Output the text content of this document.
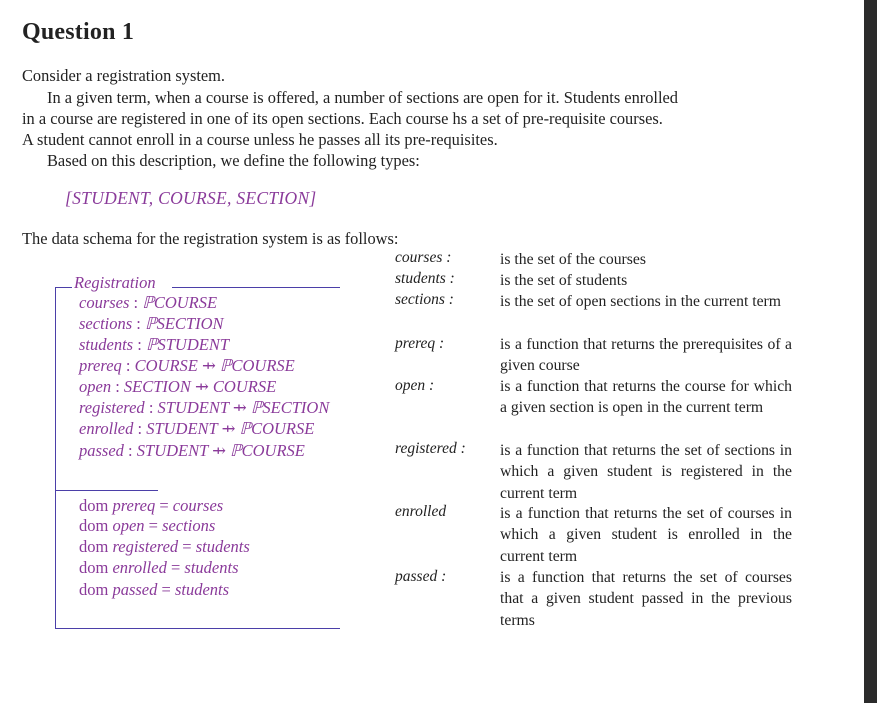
Question 1
Consider a registration system.
In a given term, when a course is offered, a number of sections are open for it. Students enrolled
in a course are registered in one of its open sections. Each course hs a set of pre-requisite courses.
A student cannot enroll in a course unless he passes all its pre-requisites.
Based on this description, we define the following types:
[STUDENT, COURSE, SECTION]
The data schema for the registration system is as follows:
Registration
courses : ℙCOURSE
sections : ℙSECTION
students : ℙSTUDENT
prereq : COURSE ⇸ ℙCOURSE
open : SECTION ⇸ COURSE
registered : STUDENT ⇸ ℙSECTION
enrolled : STUDENT ⇸ ℙCOURSE
passed : STUDENT ⇸ ℙCOURSE
dom prereq = courses
dom open = sections
dom registered = students
dom enrolled = students
dom passed = students
courses :	is the set of the courses
students :	is the set of students
sections :	is the set of open sections in the current term
prereq :	is a function that returns the prerequisites of a given course
open :	is a function that returns the course for which a given section is open in the current term
registered : is a function that returns the set of sections in which a given student is registered in the current term
enrolled	is a function that returns the set of courses in which a given student is enrolled in the current term
passed :	is a function that returns the set of courses that a given student passed in the previous terms
